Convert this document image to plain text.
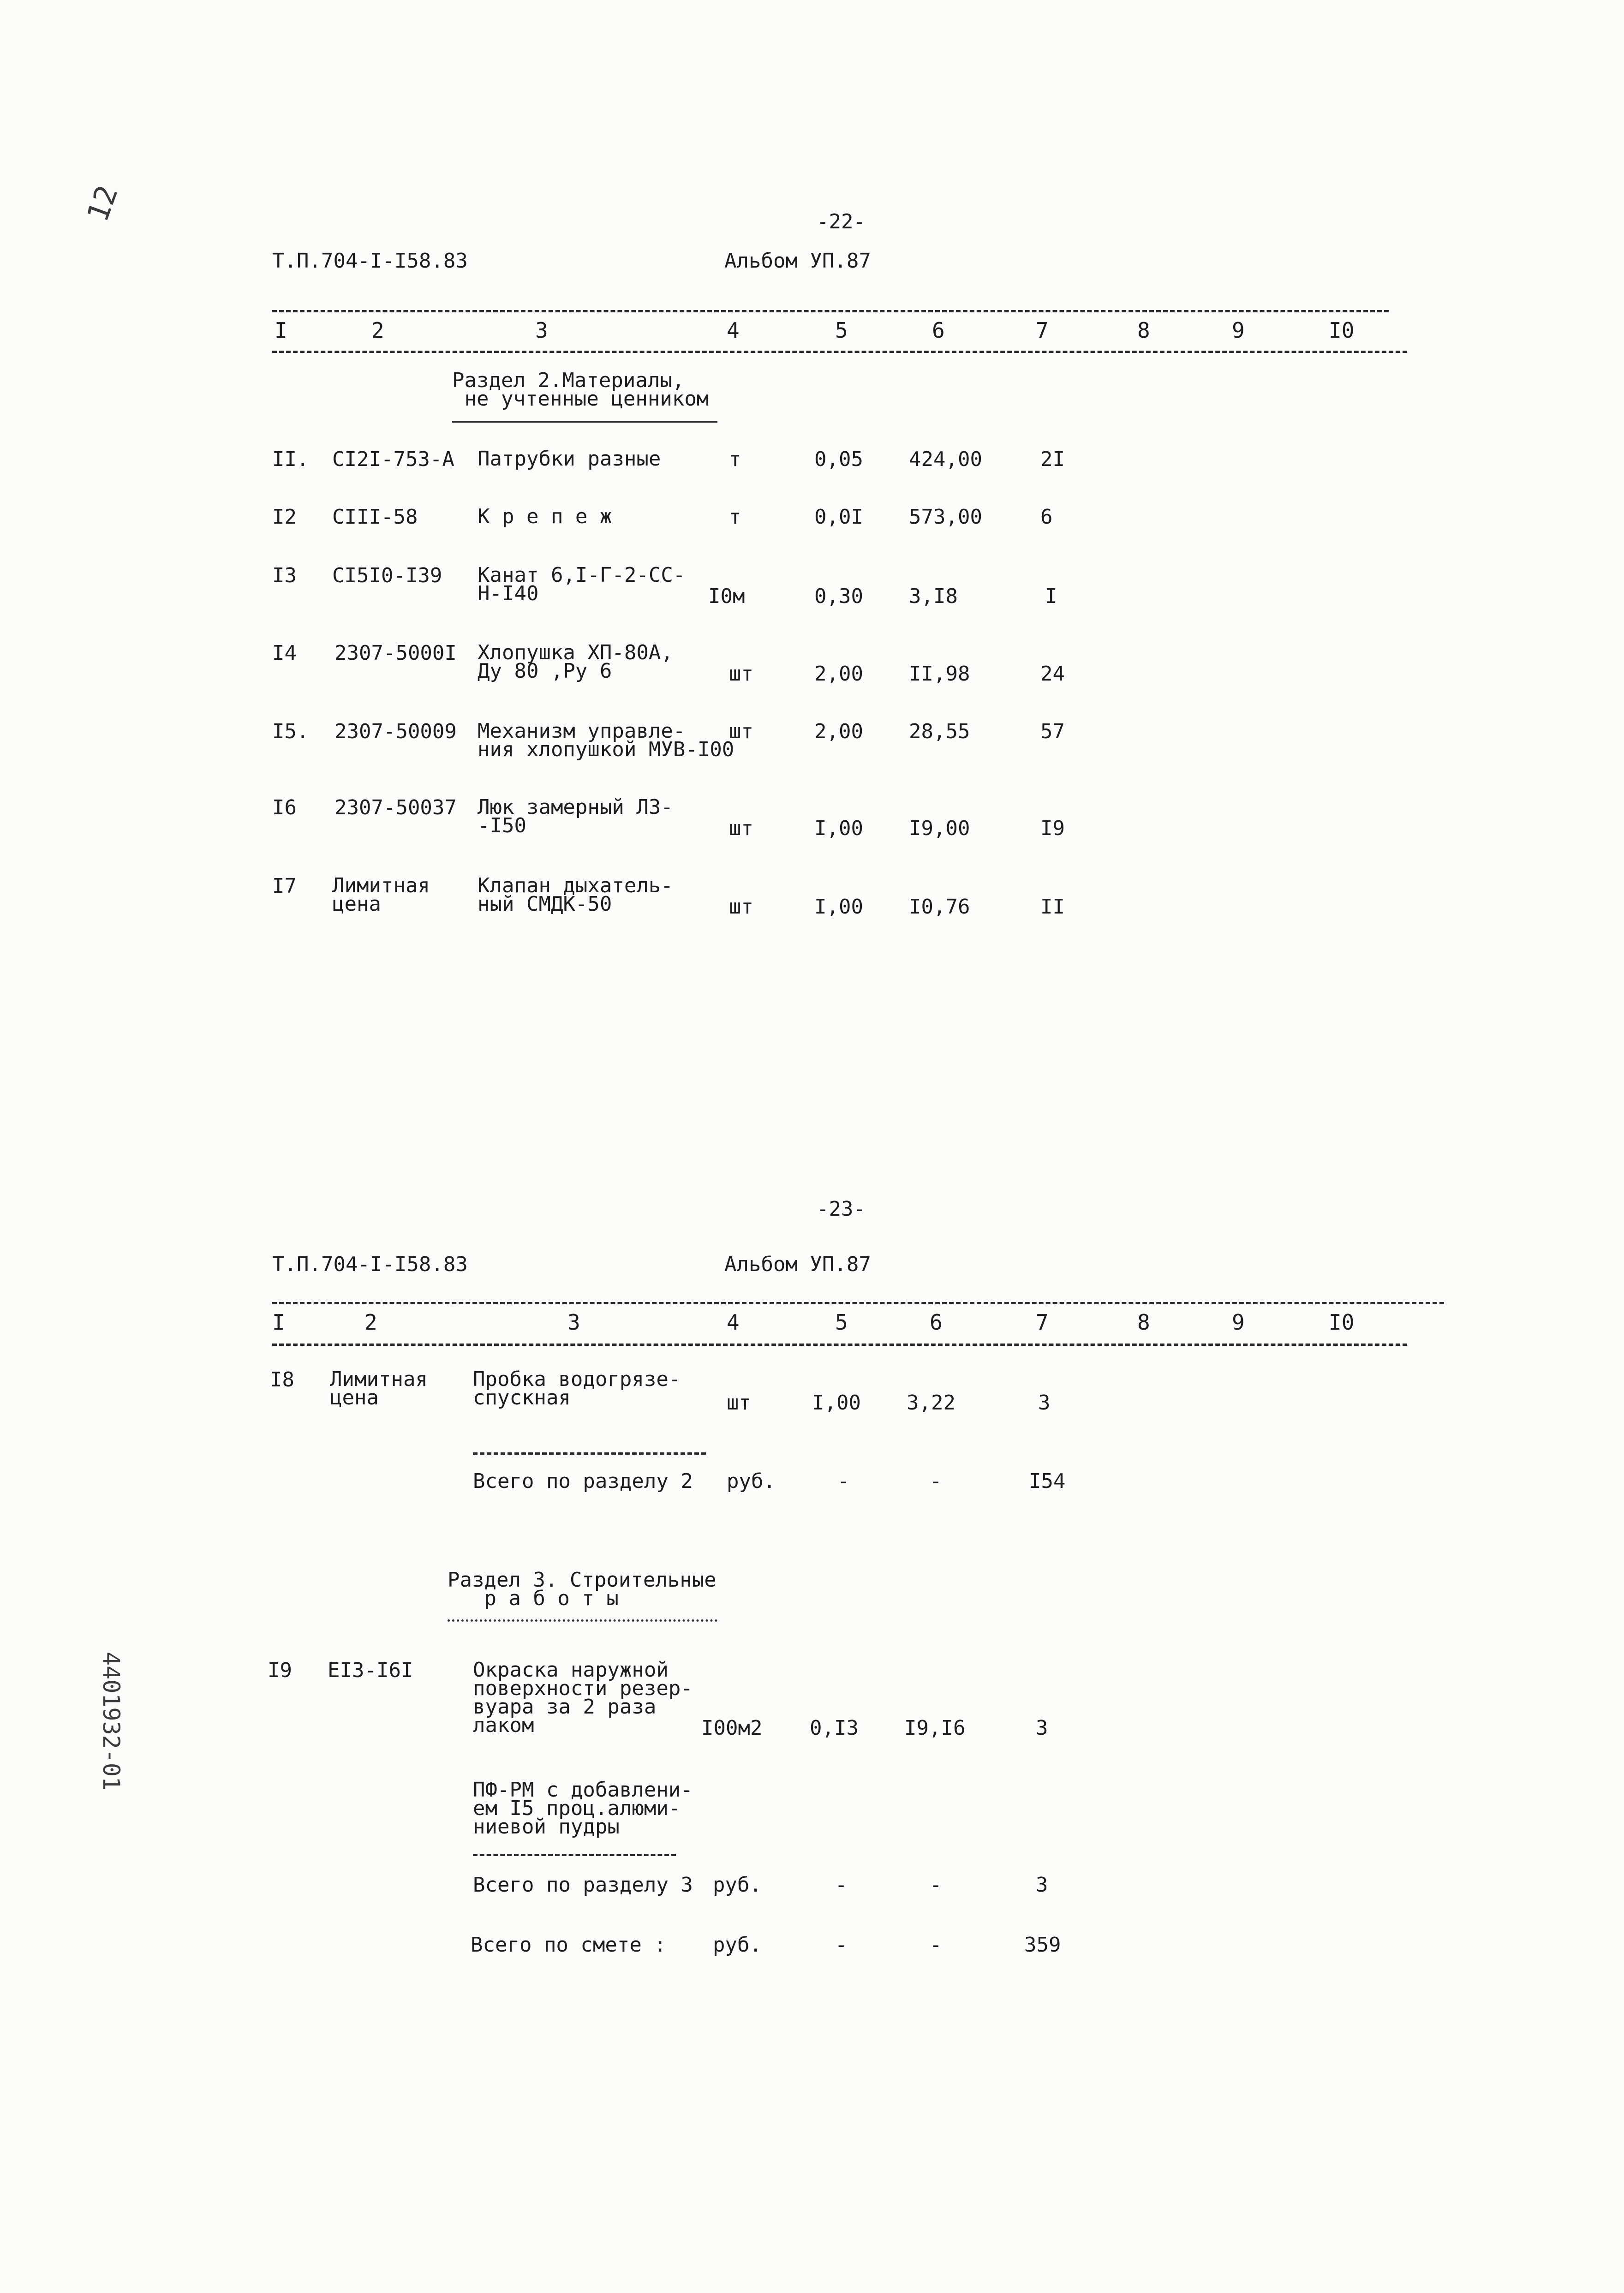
12
4401932-01
-22-
Т.П.704-I-I58.83	Альбом УП.87
I	2	3	4	5	6	7	8	9	I0
Раздел 2.Материалы,
не учтенные ценником
II. CI2I-753-A Патрубки разные	т	0,05 424,00	2I
I2 CIII-58	К р е п е ж	т	0,0I 573,00	6
I3 CI5I0-I39 Канат 6,I-Г-2-СС-
Н-I40	I0м	0,30 3,I8	I
I4 2307-5000I Хлопушка ХП-80А,
Ду 80 ,Ру 6	шт	2,00 II,98	24
I5. 2307-50009 Механизм управле-
ния хлопушкой МУВ-I00
шт	2,00 28,55	57
I6 2307-50037 Люк замерный ЛЗ-
-I50	шт	I,00 I9,00	I9
I7 Лимитная
цена
Клапан дыхатель-
ный СМДК-50	шт	I,00 I0,76	II
-23-
Т.П.704-I-I58.83	Альбом УП.87
I	2	3	4	5	6	7	8	9	I0
I8 Лимитная
цена
Пробка водогрязе-
спускная	шт	I,00 3,22	3
Всего по разделу 2 руб.	-	-	I54
Раздел 3. Строительные
р а б о т ы
I9 EI3-I6I	Окраска наружной
поверхности резер-
вуара за 2 раза
лаком	I00м2 0,I3 I9,I6	3
ПФ-РМ с добавлени-
ем I5 проц.алюми-
ниевой пудры
Всего по разделу 3 руб.	-	-	3
Всего по смете : руб.	-	-	359
